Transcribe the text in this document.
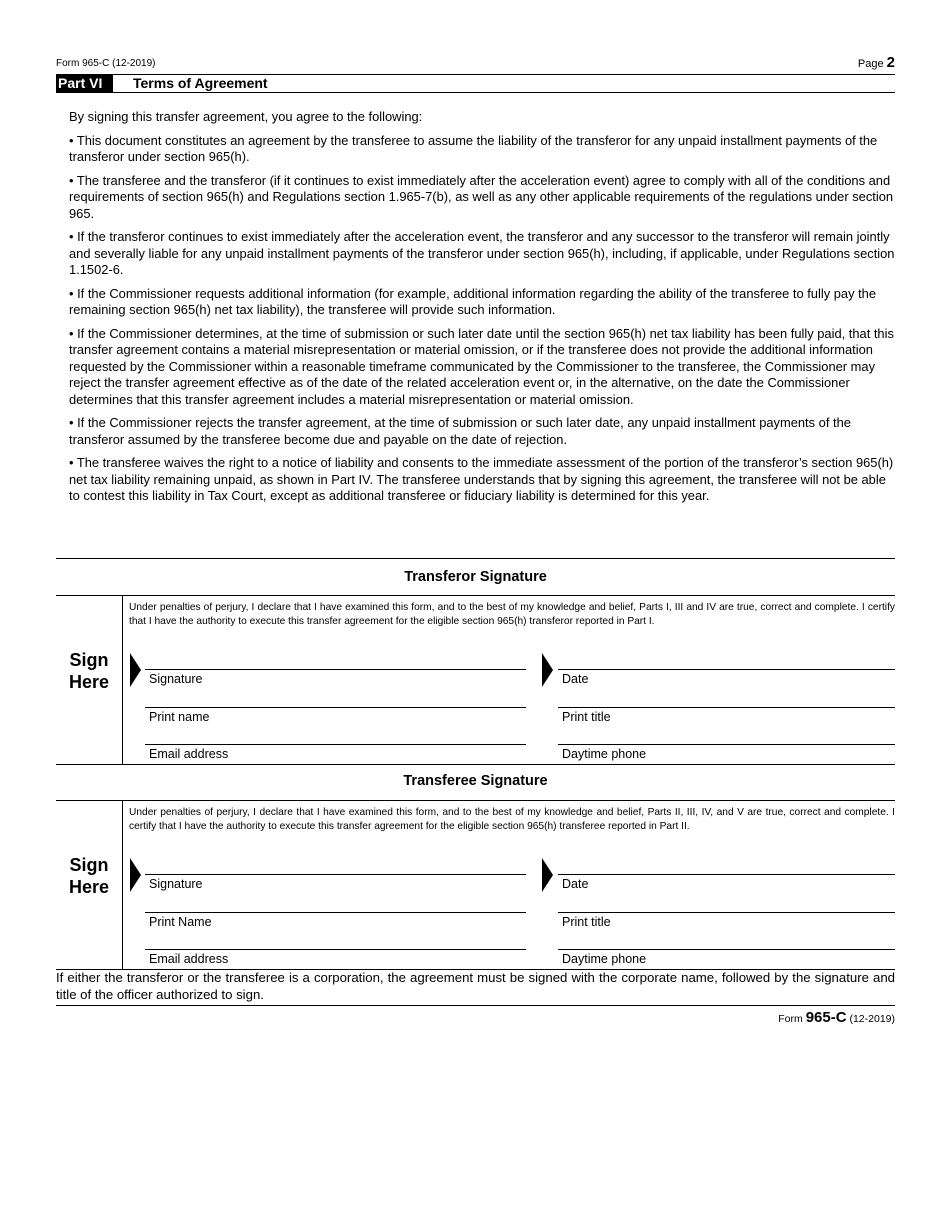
Form 965-C (12-2019)	Page 2
Part VI	Terms of Agreement

By signing this transfer agreement, you agree to the following:

• This document constitutes an agreement by the transferee to assume the liability of the transferor for any unpaid installment payments of the transferor under section 965(h).

• The transferee and the transferor (if it continues to exist immediately after the acceleration event) agree to comply with all of the conditions and requirements of section 965(h) and Regulations section 1.965-7(b), as well as any other applicable requirements of the regulations under section 965.

• If the transferor continues to exist immediately after the acceleration event, the transferor and any successor to the transferor will remain jointly and severally liable for any unpaid installment payments of the transferor under section 965(h), including, if applicable, under Regulations section 1.1502-6.

• If the Commissioner requests additional information (for example, additional information regarding the ability of the transferee to fully pay the remaining section 965(h) net tax liability), the transferee will provide such information.

• If the Commissioner determines, at the time of submission or such later date until the section 965(h) net tax liability has been fully paid, that this transfer agreement contains a material misrepresentation or material omission, or if the transferee does not provide the additional information requested by the Commissioner within a reasonable timeframe communicated by the Commissioner to the transferee, the Commissioner may reject the transfer agreement effective as of the date of the related acceleration event or, in the alternative, on the date the Commissioner determines that this transfer agreement includes a material misrepresentation or material omission.

• If the Commissioner rejects the transfer agreement, at the time of submission or such later date, any unpaid installment payments of the transferor assumed by the transferee become due and payable on the date of rejection.

• The transferee waives the right to a notice of liability and consents to the immediate assessment of the portion of the transferor’s section 965(h) net tax liability remaining unpaid, as shown in Part IV. The transferee understands that by signing this agreement, the transferee will not be able to contest this liability in Tax Court, except as additional transferee or fiduciary liability is determined for this year.

Transferor Signature
Sign
Here
Under penalties of perjury, I declare that I have examined this form, and to the best of my knowledge and belief, Parts I, III and IV are true, correct and complete. I certify that I have the authority to execute this transfer agreement for the eligible section 965(h) transferor reported in Part I.
Signature	Date
Print name	Print title
Email address	Daytime phone
Transferee Signature
Sign
Here
Under penalties of perjury, I declare that I have examined this form, and to the best of my knowledge and belief, Parts II, III, IV, and V are true, correct and complete. I certify that I have the authority to execute this transfer agreement for the eligible section 965(h) transferee reported in Part II.
Signature	Date
Print Name	Print title
Email address	Daytime phone
If either the transferor or the transferee is a corporation, the agreement must be signed with the corporate name, followed by the signature and title of the officer authorized to sign.
Form 965-C (12-2019)
